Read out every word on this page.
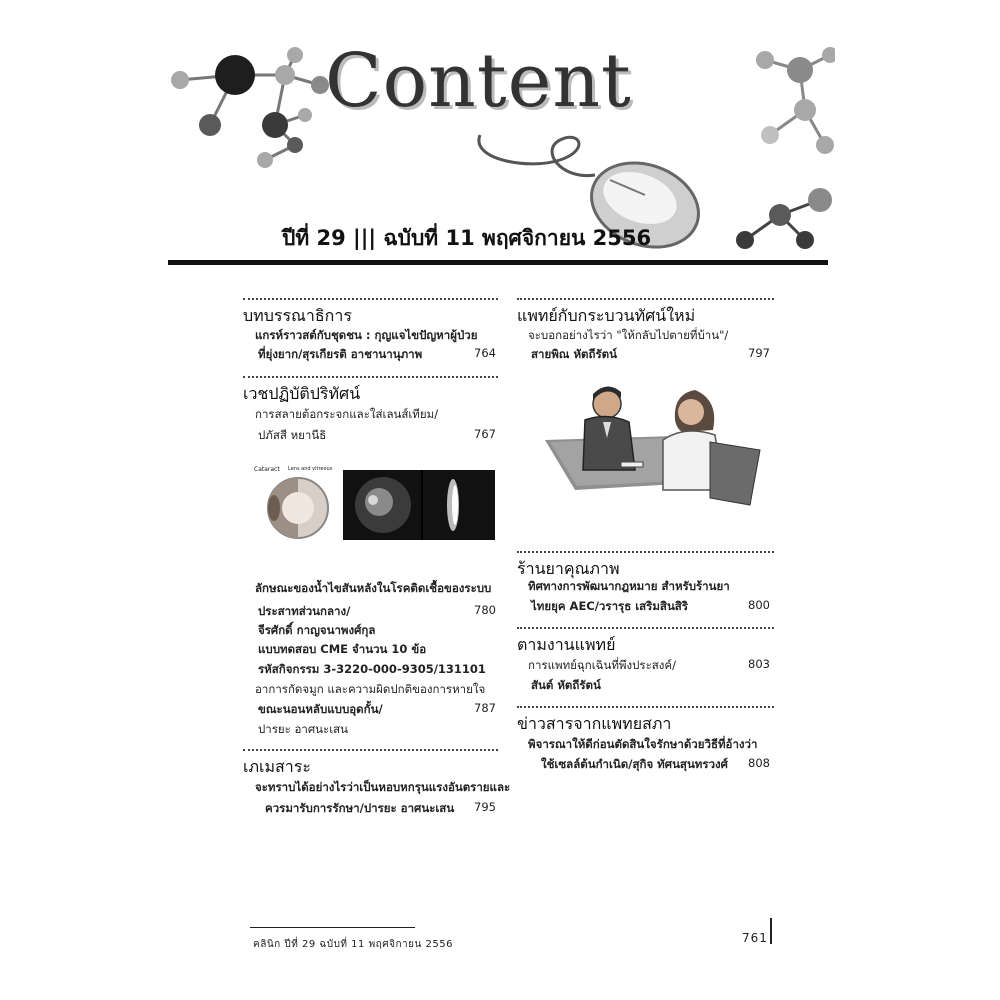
Content
ปีที่ 29 ||| ฉบับที่ 11 พฤศจิกายน 2556
บทบรรณาธิการ
แกรห์ราวสต์กับชุดชน : กุญแจไขปัญหาผู้ป่วย
ที่ยุ่งยาก/สุรเกียรติ อาชานานุภาพ	764
เวชปฏิบัติปริทัศน์
การสลายต้อกระจกและใส่เลนส์เทียม/
ปภัสสี หยานีธิ	767
Cataract Lens and vitreous
ลักษณะของน้ำไขสันหลังในโรคติดเชื้อของระบบ
ประสาทส่วนกลาง/	780
จีรศักดิ์ กาญจนาพงศ์กุล
แบบทดสอบ CME จำนวน 10 ข้อ
รหัสกิจกรรม 3-3220-000-9305/131101
อาการกัดจมูก และความผิดปกติของการหายใจ
ขณะนอนหลับแบบอุดกั้น/	787
ปารยะ อาศนะเสน
เภเมสาระ
จะทราบได้อย่างไรว่าเป็นหอบหกรุนแรงอันตรายและ
ควรมารับการรักษา/ปารยะ อาศนะเสน	795
แพทย์กับกระบวนทัศน์ใหม่
จะบอกอย่างไรว่า "ให้กลับไปตายที่บ้าน"/
สายพิณ หัตถีรัตน์	797
ร้านยาคุณภาพ
ทิศทางการพัฒนากฎหมาย สำหรับร้านยา
ไทยยุค AEC/วรารุธ เสริมสินสิริ	800
ตามงานแพทย์
การแพทย์ฉุกเฉินที่พึงประสงค์/	803
สันต์ หัตถีรัตน์
ข่าวสารจากแพทยสภา
พิจารณาให้ดีก่อนตัดสินใจรักษาด้วยวิธีที่อ้างว่า
ใช้เซลล์ต้นกำเนิด/สุกิจ ทัศนสุนทรวงศ์	808
คลินิก ปีที่ 29 ฉบับที่ 11 พฤศจิกายน 2556	761
